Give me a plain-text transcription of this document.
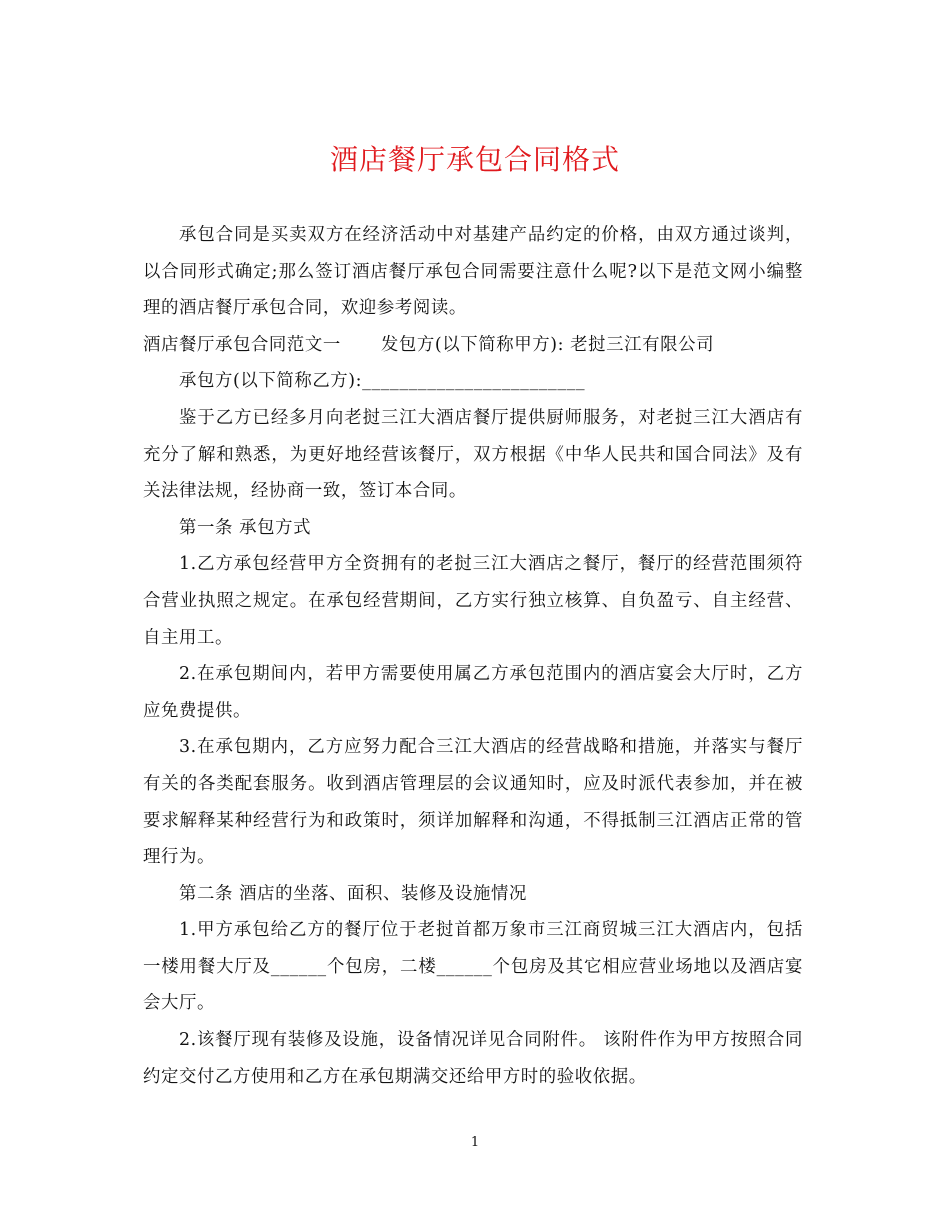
酒店餐厅承包合同格式

承包合同是买卖双方在经济活动中对基建产品约定的价格，由双方通过谈判，以合同形式确定;那么签订酒店餐厅承包合同需要注意什么呢?以下是范文网小编整理的酒店餐厅承包合同，欢迎参考阅读。

酒店餐厅承包合同范文一 发包方(以下简称甲方): 老挝三江有限公司

承包方(以下简称乙方):________________________

鉴于乙方已经多月向老挝三江大酒店餐厅提供厨师服务，对老挝三江大酒店有充分了解和熟悉，为更好地经营该餐厅，双方根据《中华人民共和国合同法》及有关法律法规，经协商一致，签订本合同。

第一条 承包方式

1.乙方承包经营甲方全资拥有的老挝三江大酒店之餐厅，餐厅的经营范围须符合营业执照之规定。在承包经营期间，乙方实行独立核算、自负盈亏、自主经营、自主用工。

2.在承包期间内，若甲方需要使用属乙方承包范围内的酒店宴会大厅时，乙方应免费提供。

3.在承包期内，乙方应努力配合三江大酒店的经营战略和措施，并落实与餐厅有关的各类配套服务。收到酒店管理层的会议通知时，应及时派代表参加，并在被要求解释某种经营行为和政策时，须详加解释和沟通，不得抵制三江酒店正常的管理行为。

第二条 酒店的坐落、面积、装修及设施情况

1.甲方承包给乙方的餐厅位于老挝首都万象市三江商贸城三江大酒店内，包括一楼用餐大厅及______个包房，二楼______个包房及其它相应营业场地以及酒店宴会大厅。

2.该餐厅现有装修及设施，设备情况详见合同附件。 该附件作为甲方按照合同约定交付乙方使用和乙方在承包期满交还给甲方时的验收依据。

1
